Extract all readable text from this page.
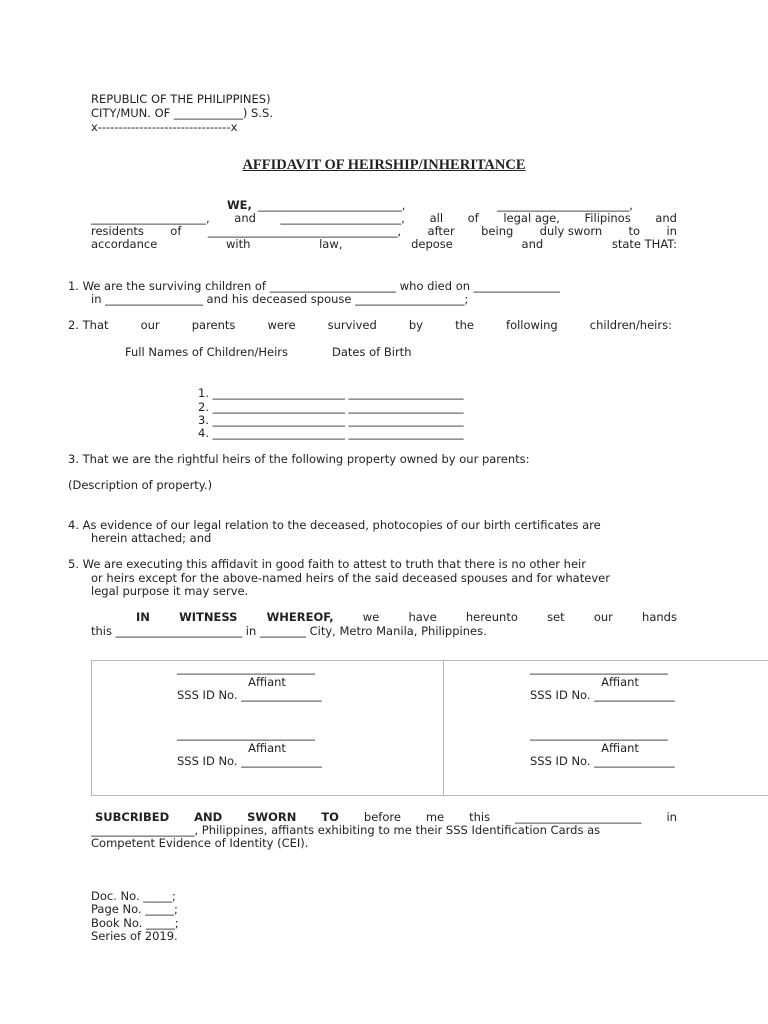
REPUBLIC OF THE PHILIPPINES)
CITY/MUN. OF ____________) S.S.
x--------------------------------x
AFFIDAVIT OF HEIRSHIP/INHERITANCE
WE, _________________________,	_______________________,
____________________, and _____________________, all of legal age, Filipinos and
residents of _________________________________, after being duly sworn to in
accordance	with	law,	depose	and	state THAT:
1. We are the surviving children of ______________________ who died on _______________
in _________________ and his deceased spouse ___________________;
2. That	our	parents	were	survived	by	the	following	children/heirs:
Full Names of Children/Heirs	Dates of Birth
1. _______________________ ____________________
2. _______________________ ____________________
3. _______________________ ____________________
4. _______________________ ____________________
3. That we are the rightful heirs of the following property owned by our parents:
(Description of property.)
4. As evidence of our legal relation to the deceased, photocopies of our birth certificates are
herein attached; and
5. We are executing this affidavit in good faith to attest to truth that there is no other heir
or heirs except for the above-named heirs of the said deceased spouses and for whatever
legal purpose it may serve.
IN	WITNESS	WHEREOF,	we	have	hereunto	set	our	hands
this ______________________ in ________ City, Metro Manila, Philippines.
________________________
Affiant
SSS ID No. ______________
________________________
Affiant
SSS ID No. ______________
________________________
Affiant
SSS ID No. ______________
________________________
Affiant
SSS ID No. ______________
SUBCRIBED AND SWORN TO before me this ______________________ in
__________________, Philippines, affiants exhibiting to me their SSS Identification Cards as
Competent Evidence of Identity (CEI).
Doc. No. _____;
Page No. _____;
Book No. _____;
Series of 2019.
